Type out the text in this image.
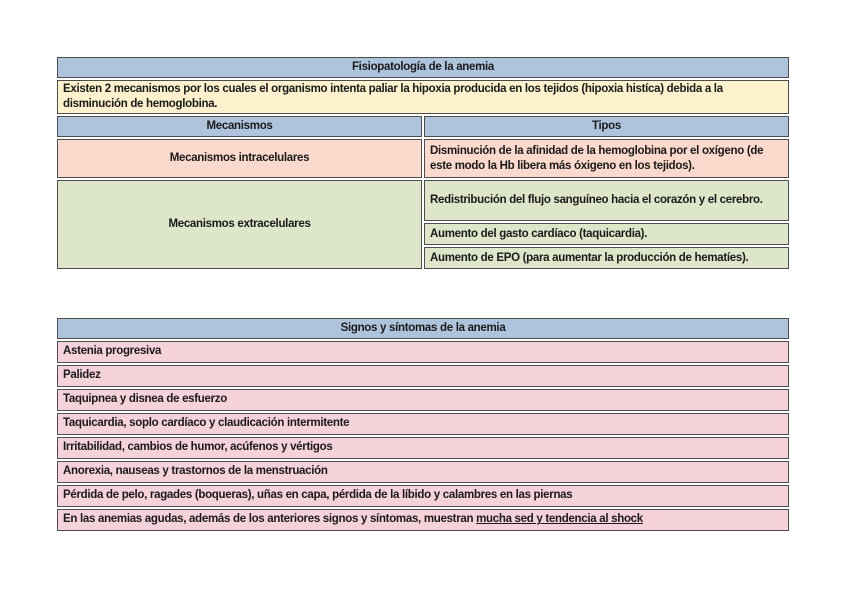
Fisiopatología de la anemia	
Existen 2 mecanismos por los cuales el organismo intenta paliar la hipoxia producida en los tejidos (hipoxia histíca) debida a la disminución de hemoglobina.	
Mecanismos	Tipos
Mecanismos intracelulares	Disminución de la afinidad de la hemoglobina por el oxígeno (de este modo la Hb libera más óxigeno en los tejidos).
Mecanismos extracelulares	Redistribución del flujo sanguíneo hacia el corazón y el cerebro.
	Aumento del gasto cardíaco (taquicardia).
	Aumento de EPO (para aumentar la producción de hematíes).
Signos y síntomas de la anemia
Astenia progresiva
Palidez
Taquipnea y disnea de esfuerzo
Taquicardia, soplo cardíaco y claudicación intermitente
Irritabilidad, cambios de humor, acúfenos y vértigos
Anorexia, nauseas y trastornos de la menstruación
Pérdida de pelo, ragades (boqueras), uñas en capa, pérdida de la líbido y calambres en las piernas
En las anemias agudas, además de los anteriores signos y síntomas, muestran mucha sed y tendencia al shock
